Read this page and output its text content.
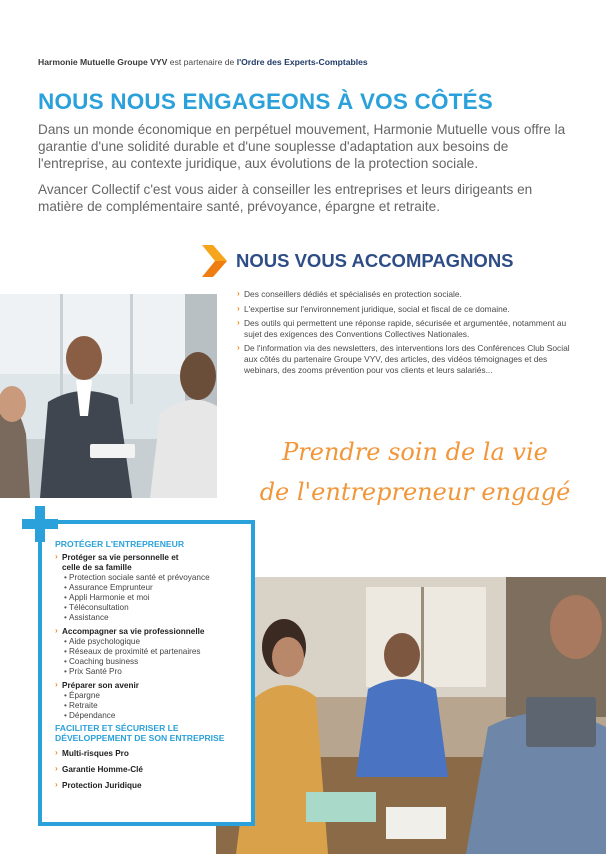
Harmonie Mutuelle Groupe VYV est partenaire de l'Ordre des Experts-Comptables
NOUS NOUS ENGAGEONS À VOS CÔTÉS
Dans un monde économique en perpétuel mouvement, Harmonie Mutuelle vous offre la garantie d'une solidité durable et d'une souplesse d'adaptation aux besoins de l'entreprise, au contexte juridique, aux évolutions de la protection sociale.
Avancer Collectif c'est vous aider à conseiller les entreprises et leurs dirigeants en matière de complémentaire santé, prévoyance, épargne et retraite.
NOUS VOUS ACCOMPAGNONS
› Des conseillers dédiés et spécialisés en protection sociale.
› L'expertise sur l'environnement juridique, social et fiscal de ce domaine.
› Des outils qui permettent une réponse rapide, sécurisée et argumentée, notamment au sujet des exigences des Conventions Collectives Nationales.
› De l'information via des newsletters, des interventions lors des Conférences Club Social aux côtés du partenaire Groupe VYV, des articles, des vidéos témoignages et des webinars, des zooms prévention pour vos clients et leurs salariés...
Prendre soin de la vie
de l'entrepreneur engagé
PROTÉGER L'ENTREPRENEUR
› Protéger sa vie personnelle et celle de sa famille
• Protection sociale santé et prévoyance
• Assurance Emprunteur
• Appli Harmonie et moi
• Téléconsultation
• Assistance
› Accompagner sa vie professionnelle
• Aide psychologique
• Réseaux de proximité et partenaires
• Coaching business
• Prix Santé Pro
› Préparer son avenir
• Épargne
• Retraite
• Dépendance
FACILITER ET SÉCURISER LE DÉVELOPPEMENT DE SON ENTREPRISE
› Multi-risques Pro
› Garantie Homme-Clé
› Protection Juridique
